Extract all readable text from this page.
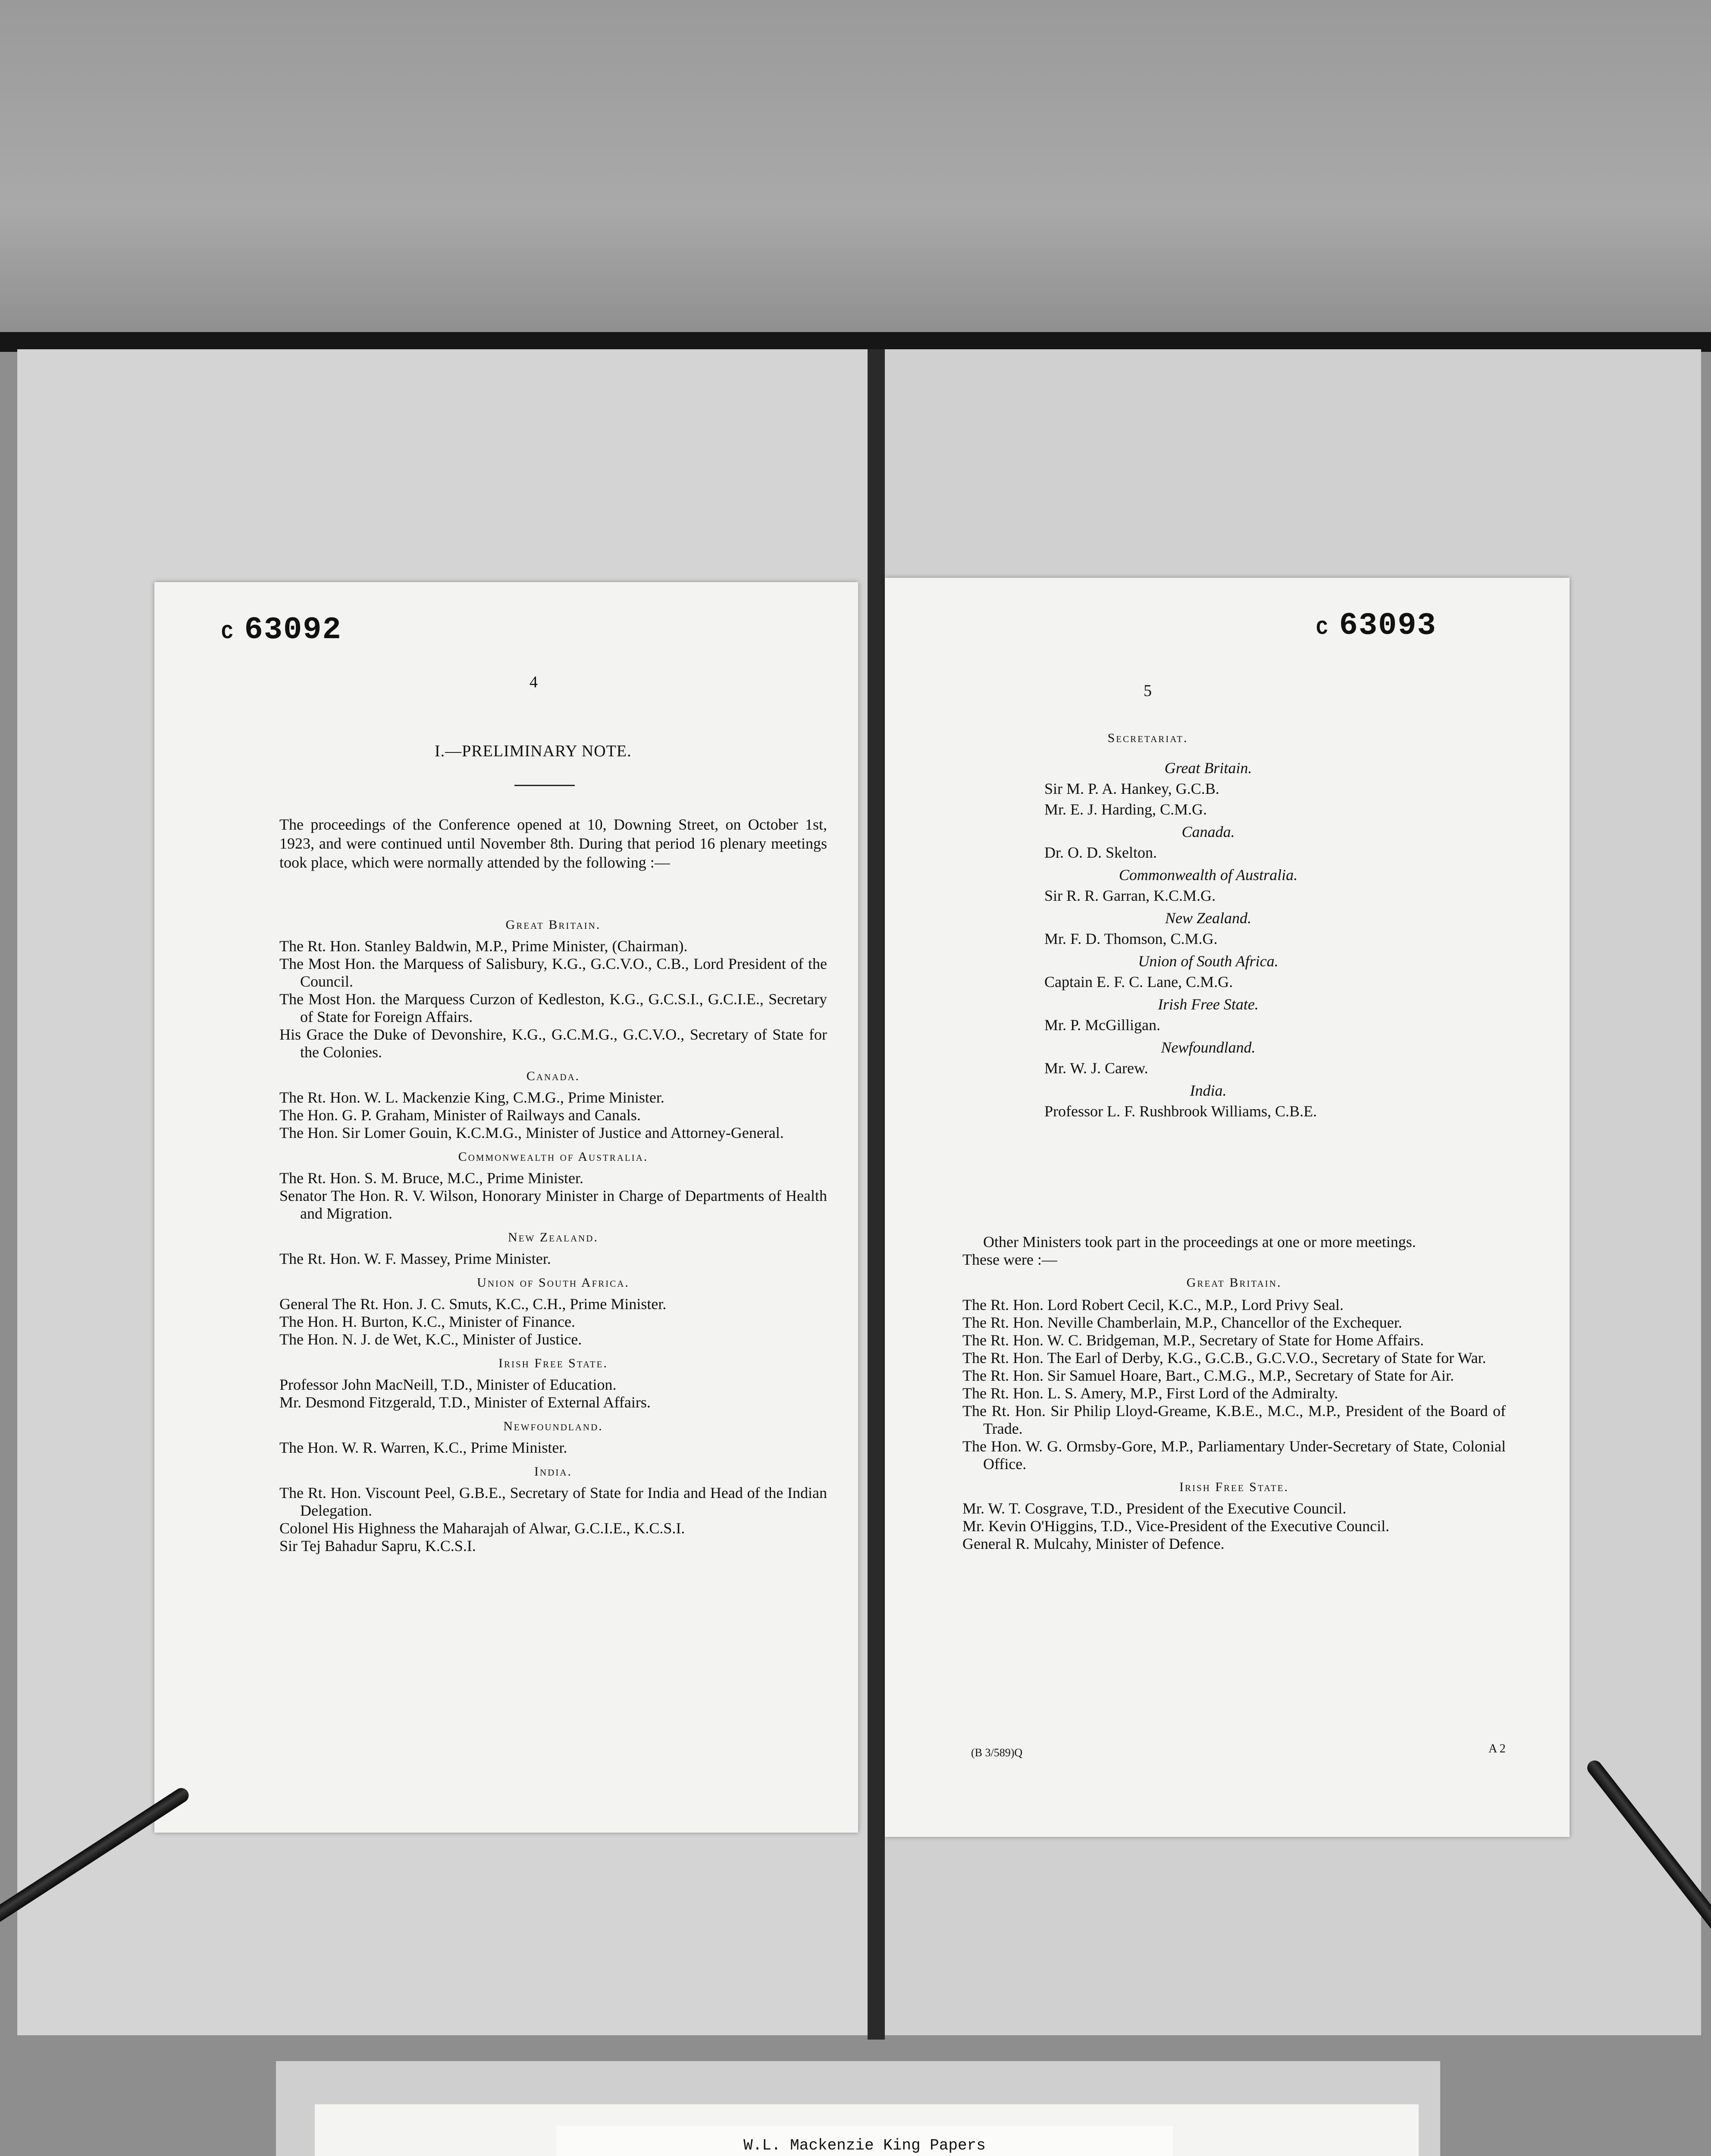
C 63092
4
I.—PRELIMINARY NOTE.
The proceedings of the Conference opened at 10, Downing Street, on October 1st, 1923, and were continued until November 8th. During that period 16 plenary meetings took place, which were normally attended by the following :—
Great Britain.
The Rt. Hon. Stanley Baldwin, M.P., Prime Minister, (Chairman).
The Most Hon. the Marquess of Salisbury, K.G., G.C.V.O., C.B., Lord President of the Council.
The Most Hon. the Marquess Curzon of Kedleston, K.G., G.C.S.I., G.C.I.E., Secretary of State for Foreign Affairs.
His Grace the Duke of Devonshire, K.G., G.C.M.G., G.C.V.O., Secretary of State for the Colonies.
Canada.
The Rt. Hon. W. L. Mackenzie King, C.M.G., Prime Minister.
The Hon. G. P. Graham, Minister of Railways and Canals.
The Hon. Sir Lomer Gouin, K.C.M.G., Minister of Justice and Attorney-General.
Commonwealth of Australia.
The Rt. Hon. S. M. Bruce, M.C., Prime Minister.
Senator The Hon. R. V. Wilson, Honorary Minister in Charge of Departments of Health and Migration.
New Zealand.
The Rt. Hon. W. F. Massey, Prime Minister.
Union of South Africa.
General The Rt. Hon. J. C. Smuts, K.C., C.H., Prime Minister.
The Hon. H. Burton, K.C., Minister of Finance.
The Hon. N. J. de Wet, K.C., Minister of Justice.
Irish Free State.
Professor John MacNeill, T.D., Minister of Education.
Mr. Desmond Fitzgerald, T.D., Minister of External Affairs.
Newfoundland.
The Hon. W. R. Warren, K.C., Prime Minister.
India.
The Rt. Hon. Viscount Peel, G.B.E., Secretary of State for India and Head of the Indian Delegation.
Colonel His Highness the Maharajah of Alwar, G.C.I.E., K.C.S.I.
Sir Tej Bahadur Sapru, K.C.S.I.
C 63093
5
Secretariat.
Great Britain.
Sir M. P. A. Hankey, G.C.B.
Mr. E. J. Harding, C.M.G.
Canada.
Dr. O. D. Skelton.
Commonwealth of Australia.
Sir R. R. Garran, K.C.M.G.
New Zealand.
Mr. F. D. Thomson, C.M.G.
Union of South Africa.
Captain E. F. C. Lane, C.M.G.
Irish Free State.
Mr. P. McGilligan.
Newfoundland.
Mr. W. J. Carew.
India.
Professor L. F. Rushbrook Williams, C.B.E.
Other Ministers took part in the proceedings at one or more meetings.
These were :—
Great Britain.
The Rt. Hon. Lord Robert Cecil, K.C., M.P., Lord Privy Seal.
The Rt. Hon. Neville Chamberlain, M.P., Chancellor of the Exchequer.
The Rt. Hon. W. C. Bridgeman, M.P., Secretary of State for Home Affairs.
The Rt. Hon. The Earl of Derby, K.G., G.C.B., G.C.V.O., Secretary of State for War.
The Rt. Hon. Sir Samuel Hoare, Bart., C.M.G., M.P., Secretary of State for Air.
The Rt. Hon. L. S. Amery, M.P., First Lord of the Admiralty.
The Rt. Hon. Sir Philip Lloyd-Greame, K.B.E., M.C., M.P., President of the Board of Trade.
The Hon. W. G. Ormsby-Gore, M.P., Parliamentary Under-Secretary of State, Colonial Office.
Irish Free State.
Mr. W. T. Cosgrave, T.D., President of the Executive Council.
Mr. Kevin O'Higgins, T.D., Vice-President of the Executive Council.
General R. Mulcahy, Minister of Defence.
(B 3/589)Q	A 2
W.L. Mackenzie King Papers
